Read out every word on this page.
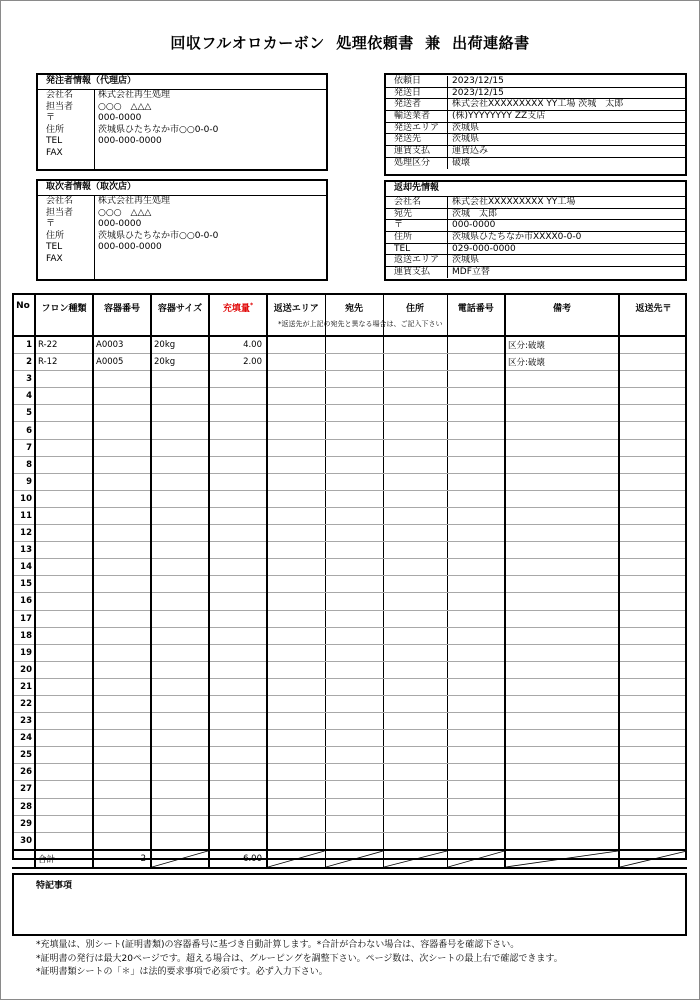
回収フルオロカーボン  処理依頼書  兼  出荷連絡書
発注者情報（代理店）
会社名	株式会社再生処理
担当者	○○○　△△△
〒	000-0000
住所	茨城県ひたちなか市○○0-0-0
TEL	000-000-0000
FAX
取次者情報（取次店）
会社名	株式会社再生処理
担当者	○○○　△△△
〒	000-0000
住所	茨城県ひたちなか市○○0-0-0
TEL	000-000-0000
FAX
依頼日	2023/12/15
発送日	2023/12/15
発送者	株式会社XXXXXXXXX YY工場 茨城　太郎
輸送業者	(株)YYYYYYYY ZZ支店
発送エリア	茨城県
発送先	茨城県
運賃支払	運賃込み
処理区分	破壊
返却先情報
会社名	株式会社XXXXXXXXX YY工場
宛先	茨城　太郎
〒	000-0000
住所	茨城県ひたちなか市XXXX0-0-0
TEL	029-000-0000
返送エリア	茨城県
運賃支払	MDF立替
No	フロン種類	容器番号	容器サイズ	充填量*	返送エリア	宛先	住所	電話番号	備考	返送先〒
1	R-22	A0003	20kg	4.00					区分:破壊	
2	R-12	A0005	20kg	2.00					区分:破壊	
3										
4										
5										
6										
7										
8										
9										
10										
11										
12										
13										
14										
15										
16										
17										
18										
19										
20										
21										
22										
23										
24										
25										
26										
27										
28										
29										
30										
	合計	2		6.00	

*返送先が上記の宛先と異なる場合は、ご記入下さい
特記事項
*充填量は、別シート(証明書類)の容器番号に基づき自動計算します。*合計が合わない場合は、容器番号を確認下さい。
*証明書の発行は最大20ページです。超える場合は、グルーピングを調整下さい。ページ数は、次シートの最上右で確認できます。
*証明書類シートの「＊」は法的要求事項で必須です。必ず入力下さい。
